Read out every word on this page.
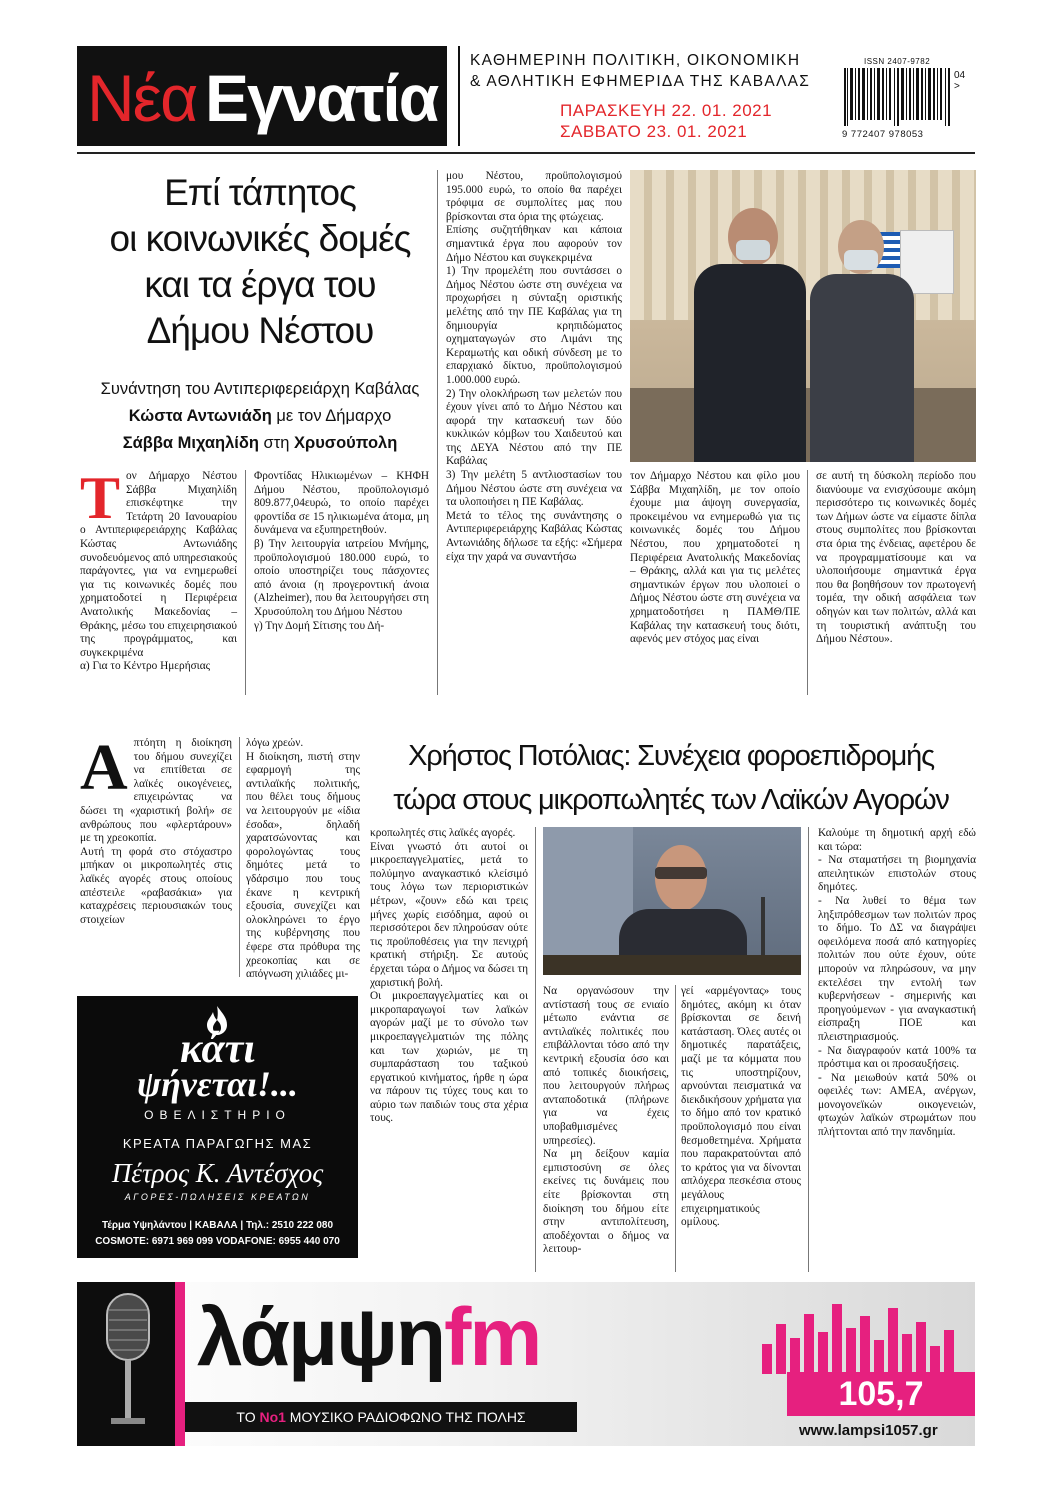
Νέα Εγνατία
ΚΑΘΗΜΕΡΙΝΗ ΠΟΛΙΤΙΚΗ, ΟΙΚΟΝΟΜΙΚΗ
& ΑΘΛΗΤΙΚΗ ΕΦΗΜΕΡΙΔΑ ΤΗΣ ΚΑΒΑΛΑΣ
ΠΑΡΑΣΚΕΥΗ 22. 01. 2021
ΣΑΒΒΑΤΟ 23. 01. 2021
ISSN 2407-9782
04 >
9 772407 978053
Επί τάπητος
οι κοινωνικές δομές
και τα έργα του
Δήμου Νέστου
Συνάντηση του Αντιπεριφερειάρχη Καβάλας
Κώστα Αντωνιάδη με τον Δήμαρχο
Σάββα Μιχαηλίδη στη Χρυσούπολη
Τ ον Δήμαρχο Νέστου Σάββα Μιχαηλίδη επισκέφτηκε την Τετάρτη 20 Ιανουαρίου ο Αντιπεριφερειάρχης Καβάλας Κώστας Αντωνιάδης συνοδευόμενος από υπηρεσιακούς παράγοντες, για να ενημερωθεί για τις κοινωνικές δομές που χρηματοδοτεί η Περιφέρεια Ανατολικής Μακεδονίας – Θράκης, μέσω του επιχειρησιακού της προγράμματος, και συγκεκριμένα

α) Για το Κέντρο Ημερήσιας

Φροντίδας Ηλικιωμένων – ΚΗΦΗ Δήμου Νέστου, προϋπολογισμό 809.877,04ευρώ, το οποίο παρέχει φροντίδα σε 15 ηλικιωμένα άτομα, μη δυνάμενα να εξυπηρετηθούν.

β) Την λειτουργία ιατρείου Μνήμης, προϋπολογισμού 180.000 ευρώ, το οποίο υποστηρίζει τους πάσχοντες από άνοια (η προγεροντική άνοια (Alzheimer), που θα λειτουργήσει στη Χρυσούπολη του Δήμου Νέστου

γ) Την Δομή Σίτισης του Δή-

μου Νέστου, προϋπολογισμού 195.000 ευρώ, το οποίο θα παρέχει τρόφιμα σε συμπολίτες μας που βρίσκονται στα όρια της φτώχειας.

Επίσης συζητήθηκαν και κάποια σημαντικά έργα που αφορούν τον Δήμο Νέστου και συγκεκριμένα

1) Την προμελέτη που συντάσσει ο Δήμος Νέστου ώστε στη συνέχεια να προχωρήσει η σύνταξη οριστικής μελέτης από την ΠΕ Καβάλας για τη δημιουργία κρηπιδώματος οχηματαγωγών στο Λιμάνι της Κεραμωτής και οδική σύνδεση με το επαρχιακό δίκτυο, προϋπολογισμού 1.000.000 ευρώ.

2) Την ολοκλήρωση των μελετών που έχουν γίνει από το Δήμο Νέστου και αφορά την κατασκευή των δύο κυκλικών κόμβων του Χαιδευτού και της ΔΕΥΑ Νέστου από την ΠΕ Καβάλας

3) Την μελέτη 5 αντλιοστασίων του Δήμου Νέστου ώστε στη συνέχεια να τα υλοποιήσει η ΠΕ Καβάλας.

Μετά το τέλος της συνάντησης ο Αντιπεριφερειάρχης Καβάλας Κώστας Αντωνιάδης δήλωσε τα εξής: «Σήμερα είχα την χαρά να συναντήσω

τον Δήμαρχο Νέστου και φίλο μου Σάββα Μιχαηλίδη, με τον οποίο έχουμε μια άψογη συνεργασία, προκειμένου να ενημερωθώ για τις κοινωνικές δομές του Δήμου Νέστου, που χρηματοδοτεί η Περιφέρεια Ανατολικής Μακεδονίας – Θράκης, αλλά και για τις μελέτες σημαντικών έργων που υλοποιεί ο Δήμος Νέστου ώστε στη συνέχεια να χρηματοδοτήσει η ΠΑΜΘ/ΠΕ Καβάλας την κατασκευή τους διότι, αφενός μεν στόχος μας είναι

σε αυτή τη δύσκολη περίοδο που διανύουμε να ενισχύσουμε ακόμη περισσότερο τις κοινωνικές δομές των Δήμων ώστε να είμαστε δίπλα στους συμπολίτες που βρίσκονται στα όρια της ένδειας, αφετέρου δε να προγραμματίσουμε και να υλοποιήσουμε σημαντικά έργα που θα βοηθήσουν τον πρωτογενή τομέα, την οδική ασφάλεια των οδηγών και των πολιτών, αλλά και τη τουριστική ανάπτυξη του Δήμου Νέστου».

Α πτόητη η διοίκηση του δήμου συνεχίζει να επιτίθεται σε λαϊκές οικογένειες, επιχειρώντας να δώσει τη «χαριστική βολή» σε ανθρώπους που «φλερτάρουν» με τη χρεοκοπία.

Αυτή τη φορά στο στόχαστρο μπήκαν οι μικροπωλητές στις λαϊκές αγορές στους οποίους απέστειλε «ραβασάκια» για καταχρέσεις περιουσιακών τους στοιχείων

λόγω χρεών.

Η διοίκηση, πιστή στην εφαρμογή της αντιλαϊκής πολιτικής, που θέλει τους δήμους να λειτουργούν με «ίδια έσοδα», δηλαδή χαρατσώνοντας και φορολογώντας τους δημότες μετά το γδάρσιμο που τους έκανε η κεντρική εξουσία, συνεχίζει και ολοκληρώνει το έργο της κυβέρνησης που έφερε στα πρόθυρα της χρεοκοπίας και σε απόγνωση χιλιάδες μι-

Χρήστος Ποτόλιας: Συνέχεια φοροεπιδρομής
τώρα στους μικροπωλητές των Λαϊκών Αγορών

κροπωλητές στις λαϊκές αγορές.

Είναι γνωστό ότι αυτοί οι μικροεπαγγελματίες, μετά το πολύμηνο αναγκαστικό κλείσιμό τους λόγω των περιοριστικών μέτρων, «ζουν» εδώ και τρεις μήνες χωρίς εισόδημα, αφού οι περισσότεροι δεν πληρούσαν ούτε τις προϋποθέσεις για την πενιχρή κρατική στήριξη. Σε αυτούς έρχεται τώρα ο Δήμος να δώσει τη χαριστική βολή.

Οι μικροεπαγγελματίες και οι μικροπαραγωγοί των λαϊκών αγορών μαζί με το σύνολο των μικροεπαγγελματιών της πόλης και των χωριών, με τη συμπαράσταση του ταξικού εργατικού κινήματος, ήρθε η ώρα να πάρουν τις τύχες τους και το αύριο των παιδιών τους στα χέρια τους.

Να οργανώσουν την αντίστασή τους σε ενιαίο μέτωπο ενάντια σε αντιλαϊκές πολιτικές που επιβάλλονται τόσο από την κεντρική εξουσία όσο και από τοπικές διοικήσεις, που λειτουργούν πλήρως ανταποδοτικά (πλήρωνε για να έχεις υποβαθμισμένες υπηρεσίες).

Να μη δείξουν καμία εμπιστοσύνη σε όλες εκείνες τις δυνάμεις που είτε βρίσκονται στη διοίκηση του δήμου είτε στην αντιπολίτευση, αποδέχονται ο δήμος να λειτουρ-

γεί «αρμέγοντας» τους δημότες, ακόμη κι όταν βρίσκονται σε δεινή κατάσταση. Όλες αυτές οι δημοτικές παρατάξεις, μαζί με τα κόμματα που τις υποστηρίζουν, αρνούνται πεισματικά να διεκδικήσουν χρήματα για το δήμο από τον κρατικό προϋπολογισμό που είναι θεσμοθετημένα. Χρήματα που παρακρατούνται από το κράτος για να δίνονται απλόχερα πεσκέσια στους μεγάλους επιχειρηματικούς ομίλους.

Καλούμε τη δημοτική αρχή εδώ και τώρα:

- Να σταματήσει τη βιομηχανία απειλητικών επιστολών στους δημότες.

- Να λυθεί το θέμα των ληξιπρόθεσμων των πολιτών προς το δήμο. Το ΔΣ να διαγράψει οφειλόμενα ποσά από κατηγορίες πολιτών που ούτε έχουν, ούτε μπορούν να πληρώσουν, να μην εκτελέσει την εντολή των κυβερνήσεων - σημερινής και προηγούμενων - για αναγκαστική είσπραξη ΠΟΕ και πλειστηριασμούς.

- Να διαγραφούν κατά 100% τα πρόστιμα και οι προσαυξήσεις.

- Να μειωθούν κατά 50% οι οφειλές των: ΑΜΕΑ, ανέργων, μονογονεϊκών οικογενειών, φτωχών λαϊκών στρωμάτων που πλήττονται από την πανδημία.

κάτι
ψήνεται!...
ΟΒΕΛΙΣΤΗΡΙΟ
ΚΡΕΑΤΑ ΠΑΡΑΓΩΓΗΣ ΜΑΣ
Πέτρος Κ. Αντέσχος
ΑΓΟΡΕΣ-ΠΩΛΗΣΕΙΣ ΚΡΕΑΤΩΝ
Τέρμα Υψηλάντου | ΚΑΒΑΛΑ | Τηλ.: 2510 222 080
COSMOTE: 6971 969 099 VODAFONE: 6955 440 070
λάμψηfm
ΤΟ Νο1 ΜΟΥΣΙΚΟ ΡΑΔΙΟΦΩΝΟ ΤΗΣ ΠΟΛΗΣ
105,7
www.lampsi1057.gr
